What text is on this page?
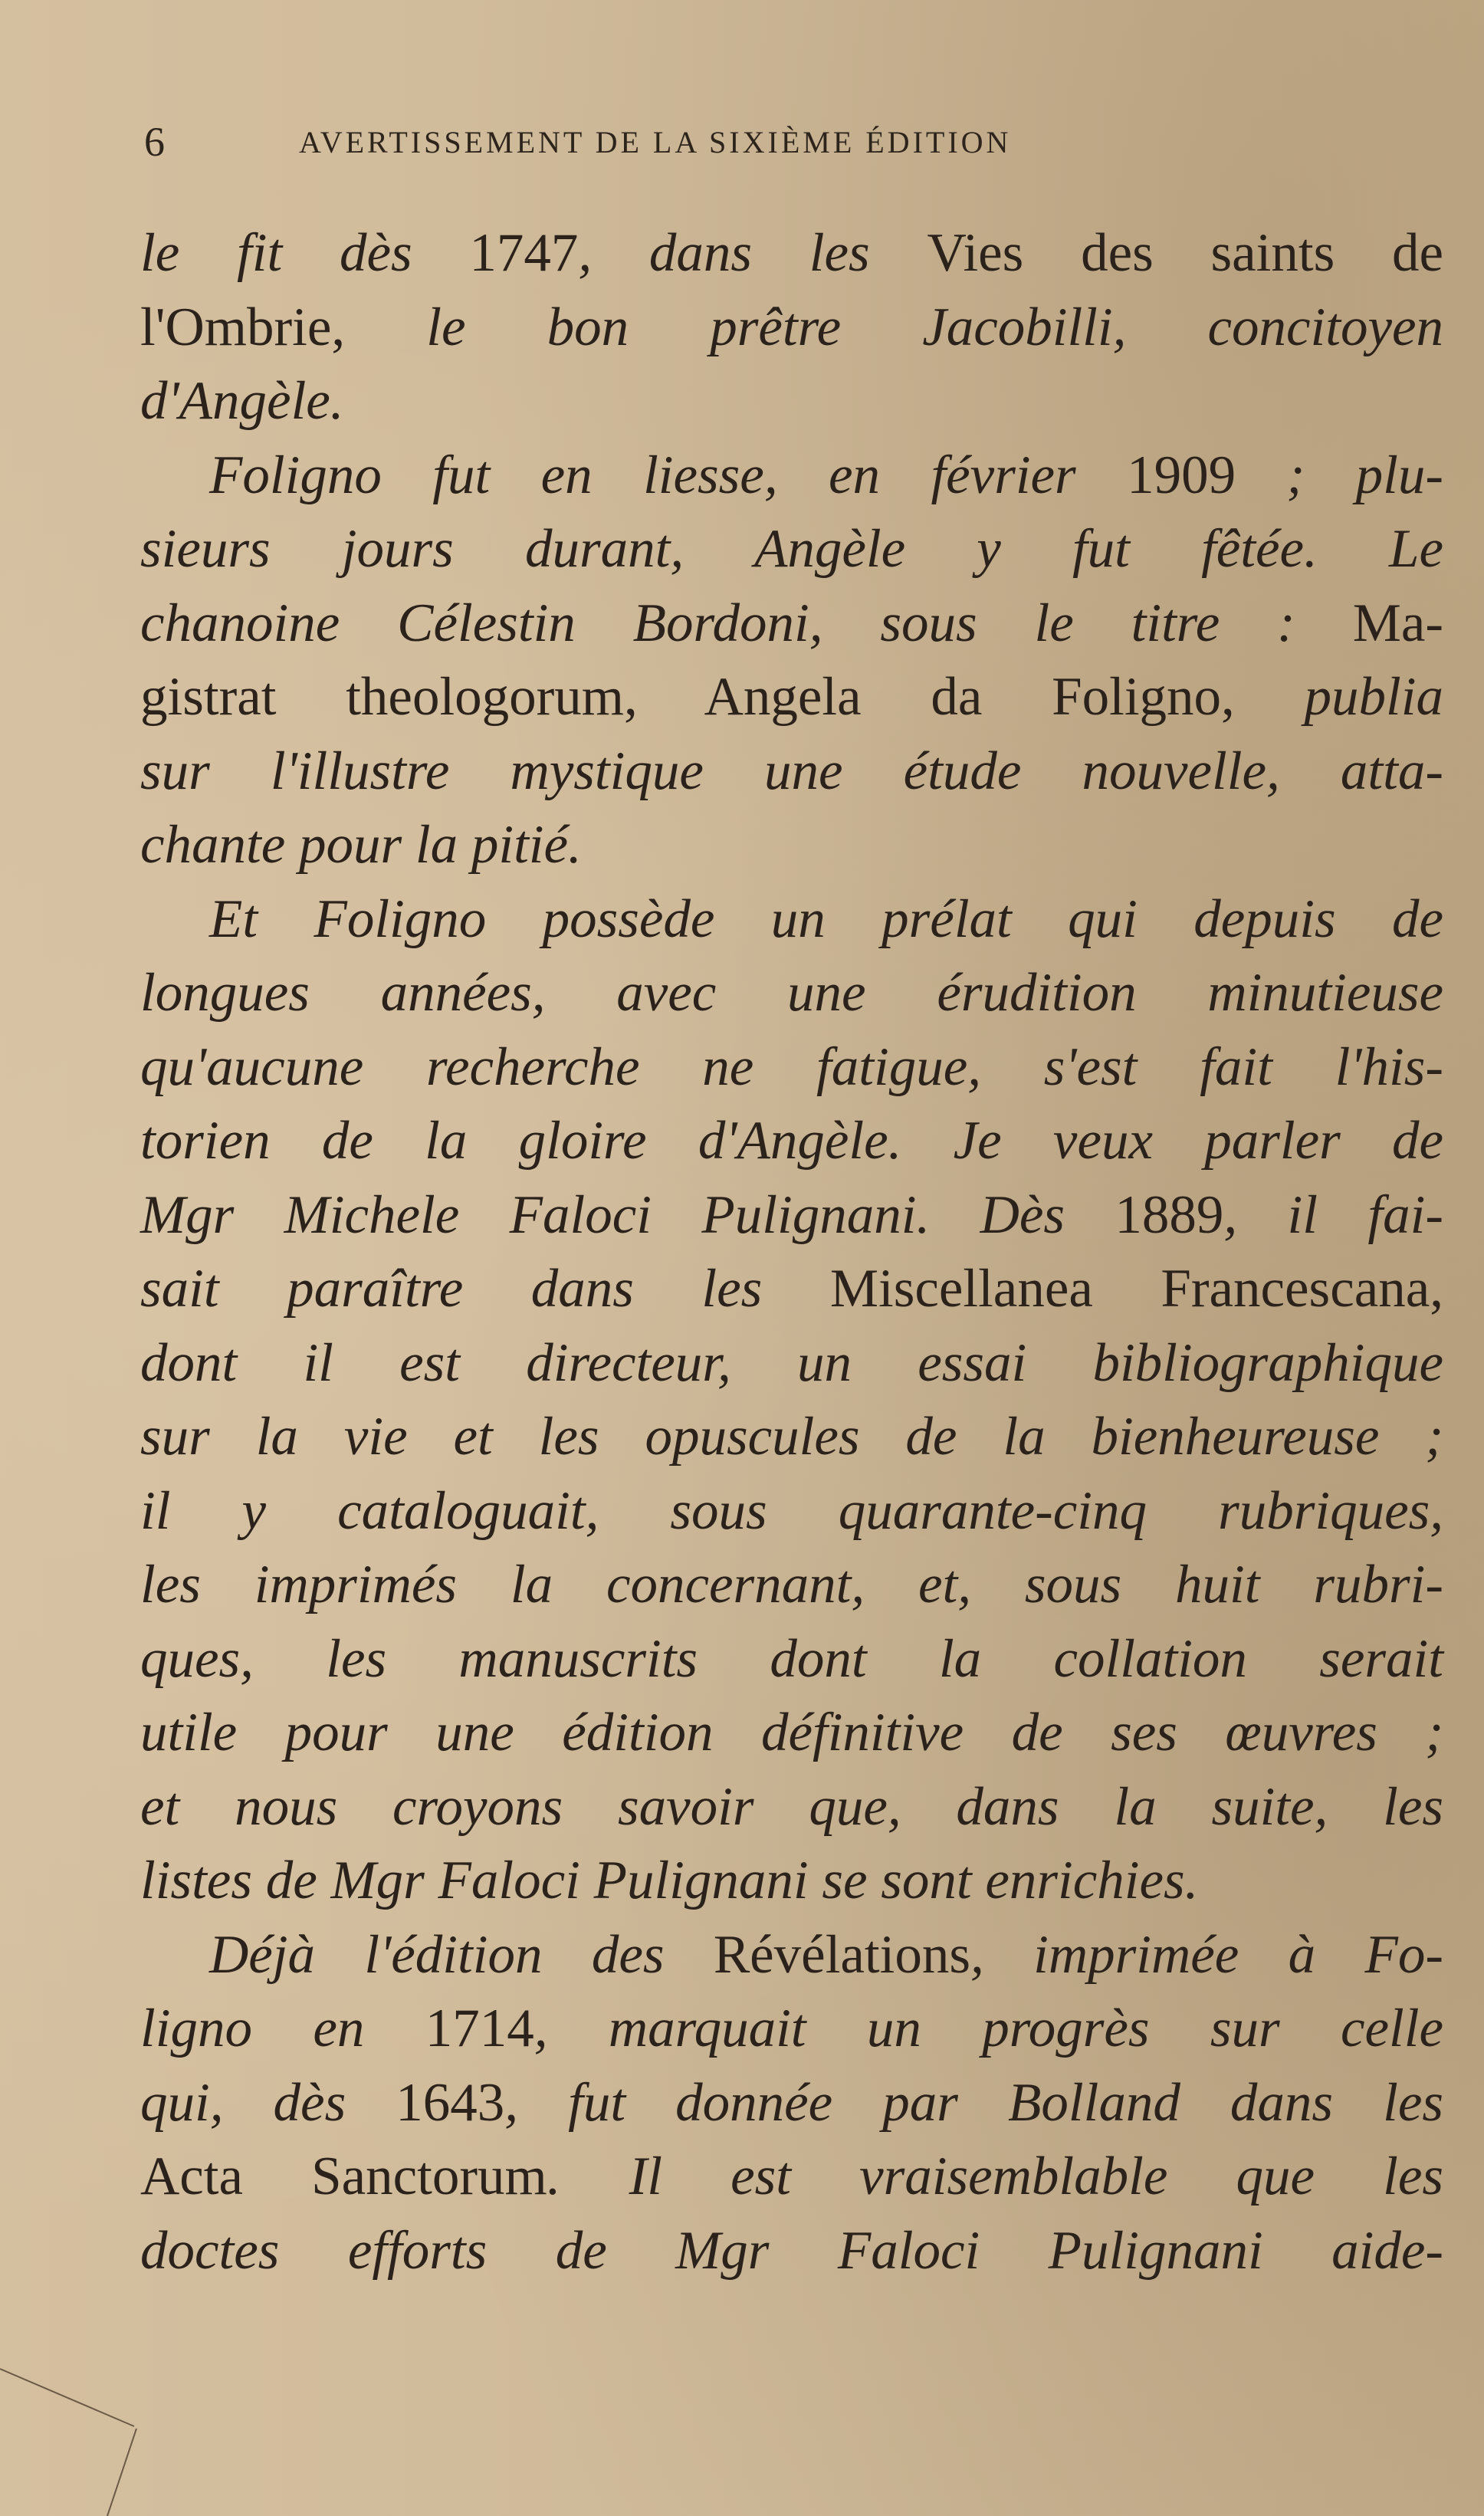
6	AVERTISSEMENT DE LA SIXIÈME ÉDITION
le fit dès 1747, dans les Vies des saints de
l'Ombrie, le bon prêtre Jacobilli, concitoyen
d'Angèle.
Foligno fut en liesse, en février 1909 ; plu-
sieurs jours durant, Angèle y fut fêtée. Le
chanoine Célestin Bordoni, sous le titre : Ma-
gistrat theologorum, Angela da Foligno, publia
sur l'illustre mystique une étude nouvelle, atta-
chante pour la pitié.
Et Foligno possède un prélat qui depuis de
longues années, avec une érudition minutieuse
qu'aucune recherche ne fatigue, s'est fait l'his-
torien de la gloire d'Angèle. Je veux parler de
Mgr Michele Faloci Pulignani. Dès 1889, il fai-
sait paraître dans les Miscellanea Francescana,
dont il est directeur, un essai bibliographique
sur la vie et les opuscules de la bienheureuse ;
il y cataloguait, sous quarante-cinq rubriques,
les imprimés la concernant, et, sous huit rubri-
ques, les manuscrits dont la collation serait
utile pour une édition définitive de ses œuvres ;
et nous croyons savoir que, dans la suite, les
listes de Mgr Faloci Pulignani se sont enrichies.
Déjà l'édition des Révélations, imprimée à Fo-
ligno en 1714, marquait un progrès sur celle
qui, dès 1643, fut donnée par Bolland dans les
Acta Sanctorum. Il est vraisemblable que les
doctes efforts de Mgr Faloci Pulignani aide-
